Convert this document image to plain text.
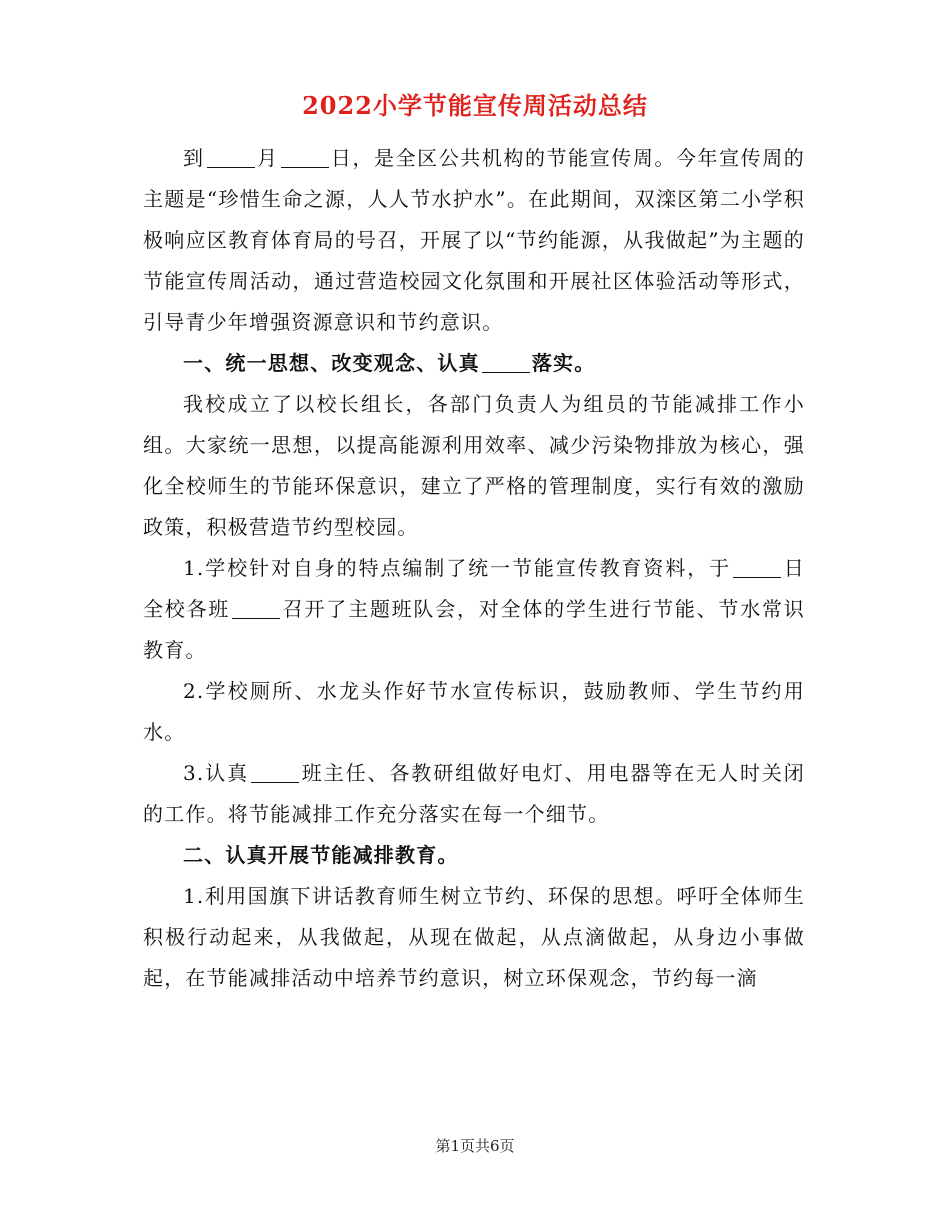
2022小学节能宣传周活动总结

到	月	日，是全区公共机构的节能宣传周。今年宣传周的主题是“珍惜生命之源，人人节水护水”。在此期间，双滦区第二小学积极响应区教育体育局的号召，开展了以“节约能源，从我做起”为主题的节能宣传周活动，通过营造校园文化氛围和开展社区体验活动等形式，引导青少年增强资源意识和节约意识。

一、统一思想、改变观念、认真	落实。

我校成立了以校长组长，各部门负责人为组员的节能减排工作小组。大家统一思想，以提高能源利用效率、减少污染物排放为核心，强化全校师生的节能环保意识，建立了严格的管理制度，实行有效的激励政策，积极营造节约型校园。

1.学校针对自身的特点编制了统一节能宣传教育资料，于	日全校各班	召开了主题班队会，对全体的学生进行节能、节水常识教育。

2.学校厕所、水龙头作好节水宣传标识，鼓励教师、学生节约用水。

3.认真	班主任、各教研组做好电灯、用电器等在无人时关闭的工作。将节能减排工作充分落实在每一个细节。

二、认真开展节能减排教育。

1.利用国旗下讲话教育师生树立节约、环保的思想。呼吁全体师生积极行动起来，从我做起，从现在做起，从点滴做起，从身边小事做起，在节能减排活动中培养节约意识，树立环保观念，节约每一滴

第1页共6页
